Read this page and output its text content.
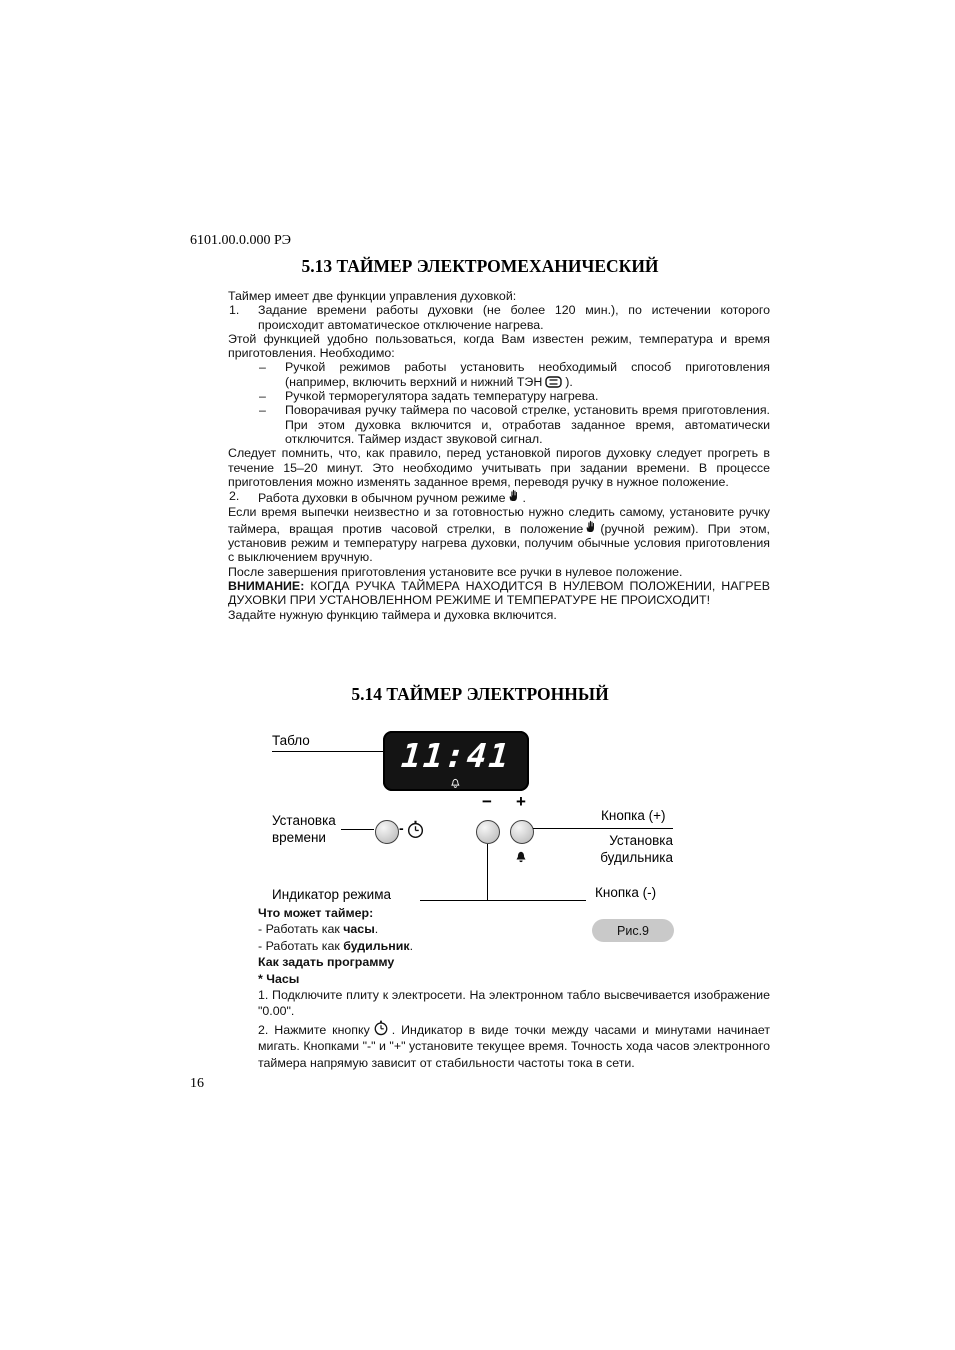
6101.00.0.000 РЭ
5.13 ТАЙМЕР ЭЛЕКТРОМЕХАНИЧЕСКИЙ

Таймер имеет две функции управления духовкой:

1. Задание времени работы духовки (не более 120 мин.), по истечении которого происходит автоматическое отключение нагрева.

Этой функцией удобно пользоваться, когда Вам известен режим, температура и время приготовления. Необходимо:

– Ручкой режимов работы установить необходимый способ приготовления (например, включить верхний и нижний ТЭН ).

– Ручкой терморегулятора задать температуру нагрева.

– Поворачивая ручку таймера по часовой стрелке, установить время приготовления. При этом духовка включится и, отработав заданное время, автоматически отключится. Таймер издаст звуковой сигнал.

Следует помнить, что, как правило, перед установкой пирогов духовку следует прогреть в течение 15–20 минут. Это необходимо учитывать при задании времени. В процессе приготовления можно изменять заданное время, переводя ручку в нужное положение.

2. Работа духовки в обычном ручном режиме .

Если время выпечки неизвестно и за готовностью нужно следить самому, установите ручку таймера, вращая против часовой стрелки, в положение (ручной режим). При этом, установив режим и температуру нагрева духовки, получим обычные условия приготовления с выключением вручную.

После завершения приготовления установите все ручки в нулевое положение.

ВНИМАНИЕ: КОГДА РУЧКА ТАЙМЕРА НАХОДИТСЯ В НУЛЕВОМ ПОЛОЖЕНИИ, НАГРЕВ ДУХОВКИ ПРИ УСТАНОВЛЕННОМ РЕЖИМЕ И ТЕМПЕРАТУРЕ НЕ ПРОИСХОДИТ!

Задайте нужную функцию таймера и духовка включится.

5.14 ТАЙМЕР ЭЛЕКТРОННЫЙ
Табло	11:41
Установка
времени
-
−	+
Кнопка (+)
Установка
будильника
Индикатор режима	Кнопка (-)
Рис.9

Что может таймер:

- Работать как часы.

- Работать как будильник.

Как задать программу

* Часы

1. Подключите плиту к электросети. На электронном табло высвечивается изображение "0.00".

2. Нажмите кнопку . Индикатор в виде точки между часами и минутами начинает мигать. Кнопками "-" и "+" установите текущее время. Точность хода часов электронного таймера напрямую зависит от стабильности частоты тока в сети.

16
